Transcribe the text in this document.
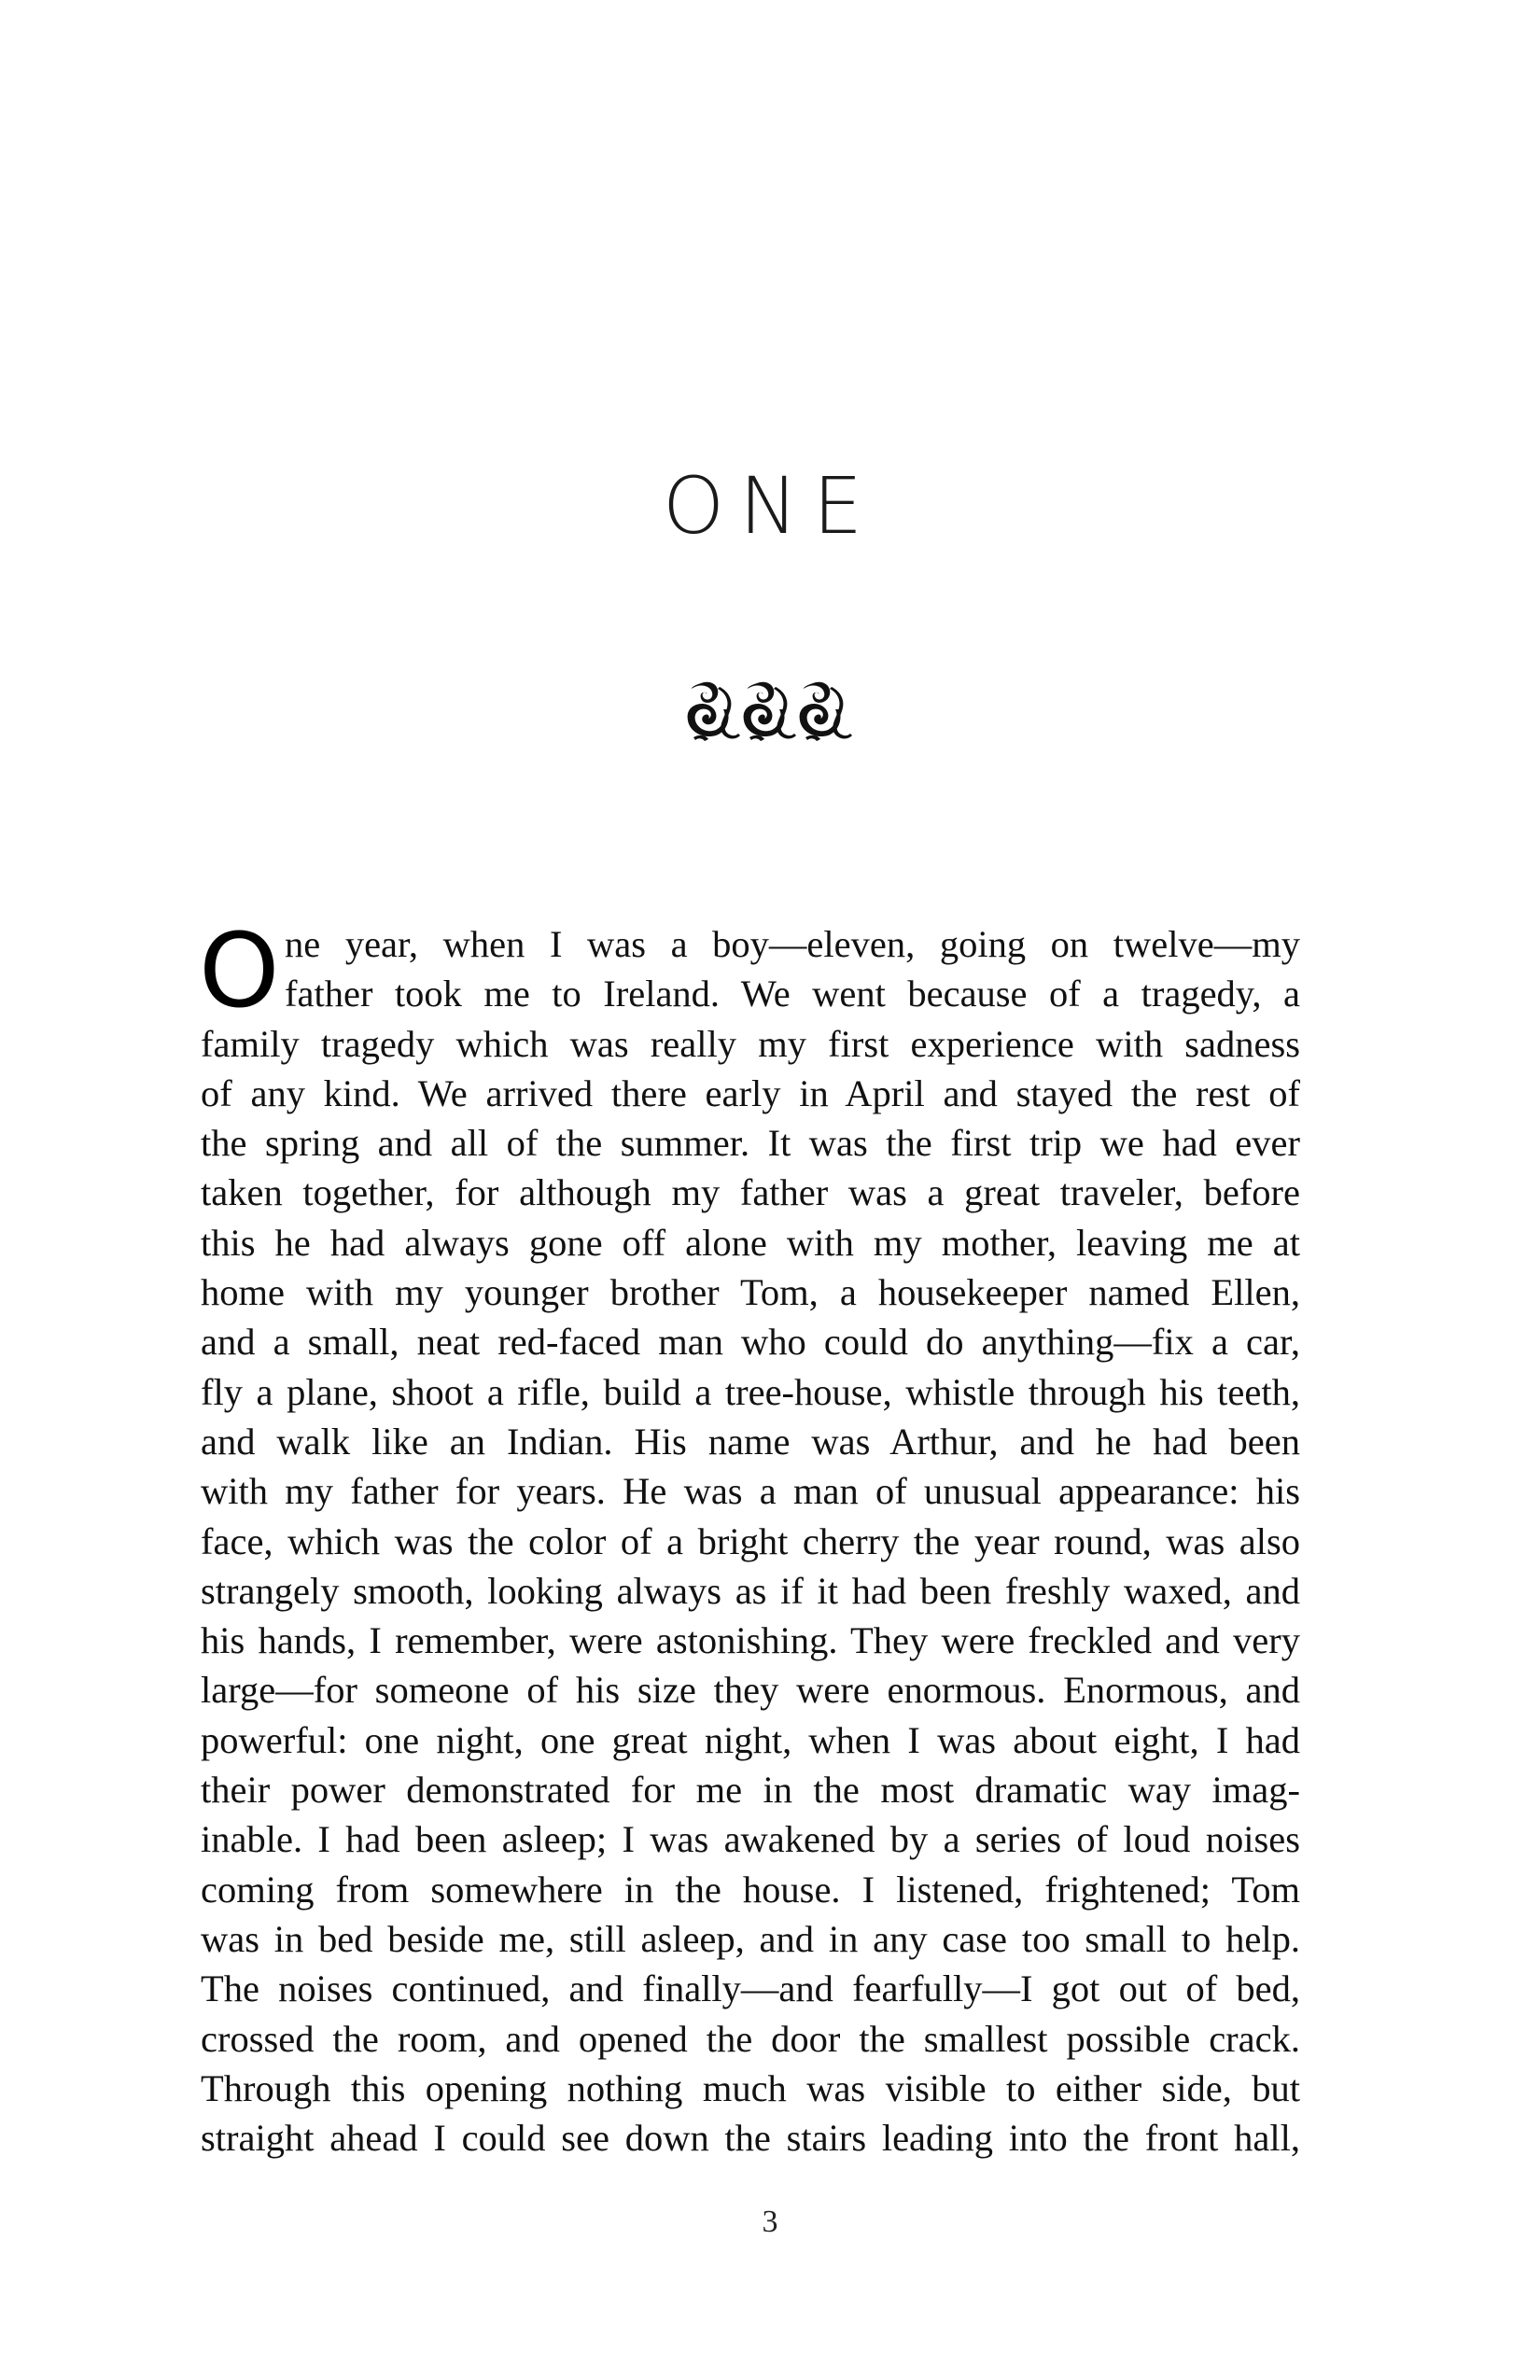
ONE
O ne year, when I was a boy—eleven, going on twelve—my
father took me to Ireland. We went because of a tragedy, a
family tragedy which was really my first experience with sadness
of any kind. We arrived there early in April and stayed the rest of
the spring and all of the summer. It was the first trip we had ever
taken together, for although my father was a great traveler, before
this he had always gone off alone with my mother, leaving me at
home with my younger brother Tom, a housekeeper named Ellen,
and a small, neat red-faced man who could do anything—fix a car,
fly a plane, shoot a rifle, build a tree-house, whistle through his teeth,
and walk like an Indian. His name was Arthur, and he had been
with my father for years. He was a man of unusual appearance: his
face, which was the color of a bright cherry the year round, was also
strangely smooth, looking always as if it had been freshly waxed, and
his hands, I remember, were astonishing. They were freckled and very
large—for someone of his size they were enormous. Enormous, and
powerful: one night, one great night, when I was about eight, I had
their power demonstrated for me in the most dramatic way imag-
inable. I had been asleep; I was awakened by a series of loud noises
coming from somewhere in the house. I listened, frightened; Tom
was in bed beside me, still asleep, and in any case too small to help.
The noises continued, and finally—and fearfully—I got out of bed,
crossed the room, and opened the door the smallest possible crack.
Through this opening nothing much was visible to either side, but
straight ahead I could see down the stairs leading into the front hall,
3
